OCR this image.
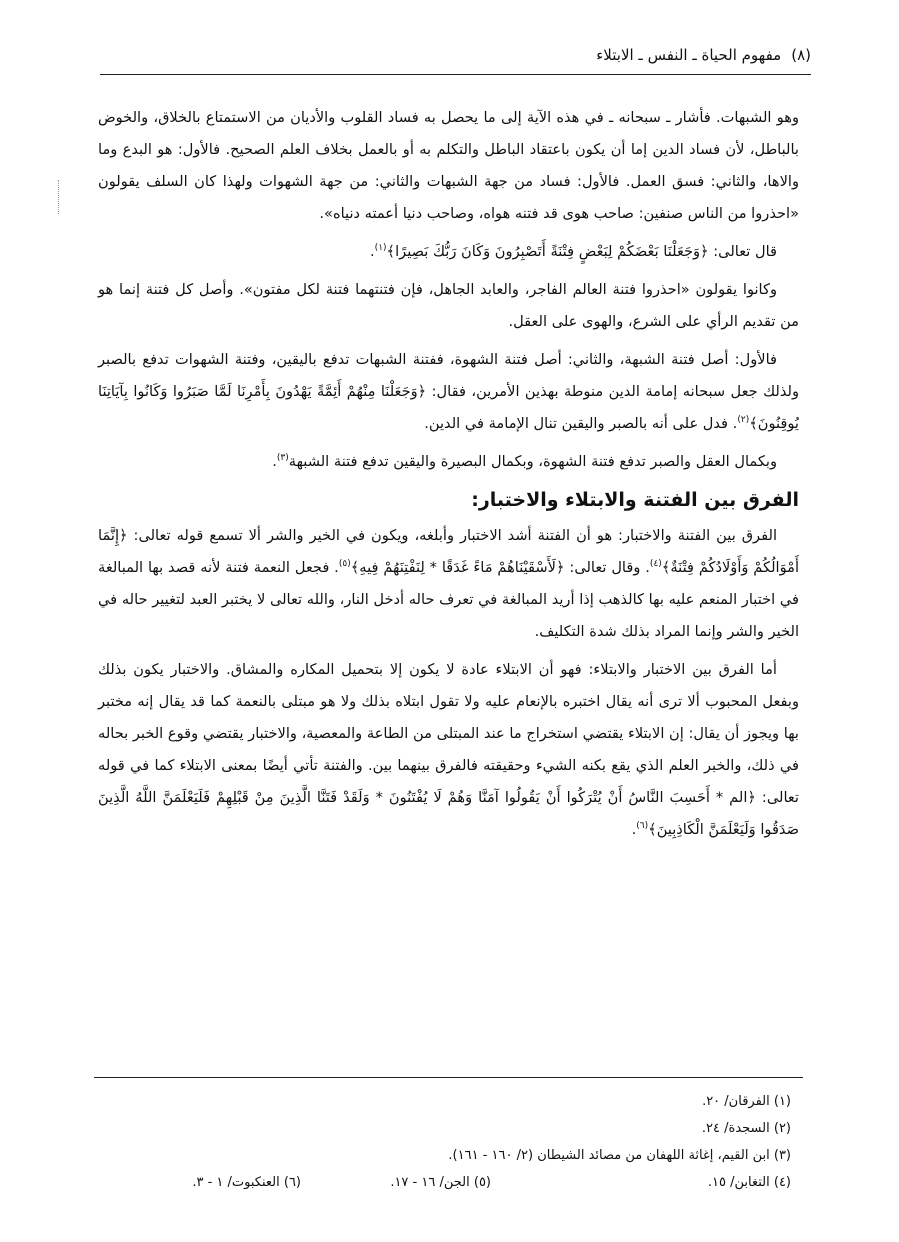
(٨)
مفهوم الحياة ـ النفس ـ الابتلاء

وهو الشبهات. فأشار ـ سبحانه ـ في هذه الآية إلى ما يحصل به فساد القلوب والأديان من الاستمتاع بالخلاق، والخوض بالباطل، لأن فساد الدين إما أن يكون باعتقاد الباطل والتكلم به أو بالعمل بخلاف العلم الصحيح. فالأول: هو البدع وما والاها، والثاني: فسق العمل. فالأول: فساد من جهة الشبهات والثاني: من جهة الشهوات ولهذا كان السلف يقولون «احذروا من الناس صنفين: صاحب هوى قد فتنه هواه، وصاحب دنيا أعمته دنياه».

قال تعالى: ﴿وَجَعَلْنَا بَعْضَكُمْ لِبَعْضٍ فِتْنَةً أَتَصْبِرُونَ وَكَانَ رَبُّكَ بَصِيرًا﴾$^{(١)}$.

وكانوا يقولون «احذروا فتنة العالم الفاجر، والعابد الجاهل، فإن فتنتهما فتنة لكل مفتون». وأصل كل فتنة إنما هو من تقديم الرأي على الشرع، والهوى على العقل.

فالأول: أصل فتنة الشبهة، والثاني: أصل فتنة الشهوة، ففتنة الشبهات تدفع باليقين، وفتنة الشهوات تدفع بالصبر ولذلك جعل سبحانه إمامة الدين منوطة بهذين الأمرين، فقال: ﴿وَجَعَلْنَا مِنْهُمْ أَئِمَّةً يَهْدُونَ بِأَمْرِنَا لَمَّا صَبَرُوا وَكَانُوا بِآيَاتِنَا يُوقِنُونَ﴾$^{(٢)}$. فدل على أنه بالصبر واليقين تنال الإمامة في الدين.

وبكمال العقل والصبر تدفع فتنة الشهوة، وبكمال البصيرة واليقين تدفع فتنة الشبهة$^{(٣)}$.

الفرق بين الفتنة والابتلاء والاختبار:

الفرق بين الفتنة والاختبار: هو أن الفتنة أشد الاختبار وأبلغه، ويكون في الخير والشر ألا تسمع قوله تعالى: ﴿إِنَّمَا أَمْوَالُكُمْ وَأَوْلَادُكُمْ فِتْنَةٌ﴾$^{(٤)}$. وقال تعالى: ﴿لَأَسْقَيْنَاهُمْ مَاءً غَدَقًا * لِنَفْتِنَهُمْ فِيهِ﴾$^{(٥)}$. فجعل النعمة فتنة لأنه قصد بها المبالغة في اختبار المنعم عليه بها كالذهب إذا أريد المبالغة في تعرف حاله أدخل النار، والله تعالى لا يختبر العبد لتغيير حاله في الخير والشر وإنما المراد بذلك شدة التكليف.

أما الفرق بين الاختبار والابتلاء: فهو أن الابتلاء عادة لا يكون إلا بتحميل المكاره والمشاق. والاختبار يكون بذلك وبفعل المحبوب ألا ترى أنه يقال اختبره بالإنعام عليه ولا تقول ابتلاه بذلك ولا هو مبتلى بالنعمة كما قد يقال إنه مختبر بها ويجوز أن يقال: إن الابتلاء يقتضي استخراج ما عند المبتلى من الطاعة والمعصية، والاختبار يقتضي وقوع الخبر بحاله في ذلك، والخبر العلم الذي يقع بكنه الشيء وحقيقته فالفرق بينهما بين. والفتنة تأتي أيضًا بمعنى الابتلاء كما في قوله تعالى: ﴿الم * أَحَسِبَ النَّاسُ أَنْ يُتْرَكُوا أَنْ يَقُولُوا آمَنَّا وَهُمْ لَا يُفْتَنُونَ * وَلَقَدْ فَتَنَّا الَّذِينَ مِنْ قَبْلِهِمْ فَلَيَعْلَمَنَّ اللَّهُ الَّذِينَ صَدَقُوا وَلَيَعْلَمَنَّ الْكَاذِبِينَ﴾$^{(٦)}$.

(١) الفرقان/ ٢٠.
(٢) السجدة/ ٢٤.
(٣) ابن القيم، إغاثة اللهفان من مصائد الشيطان (٢/ ١٦٠ - ١٦١).
(٤) التغابن/ ١٥.
(٥) الجن/ ١٦ - ١٧.
(٦) العنكبوت/ ١ - ٣.
